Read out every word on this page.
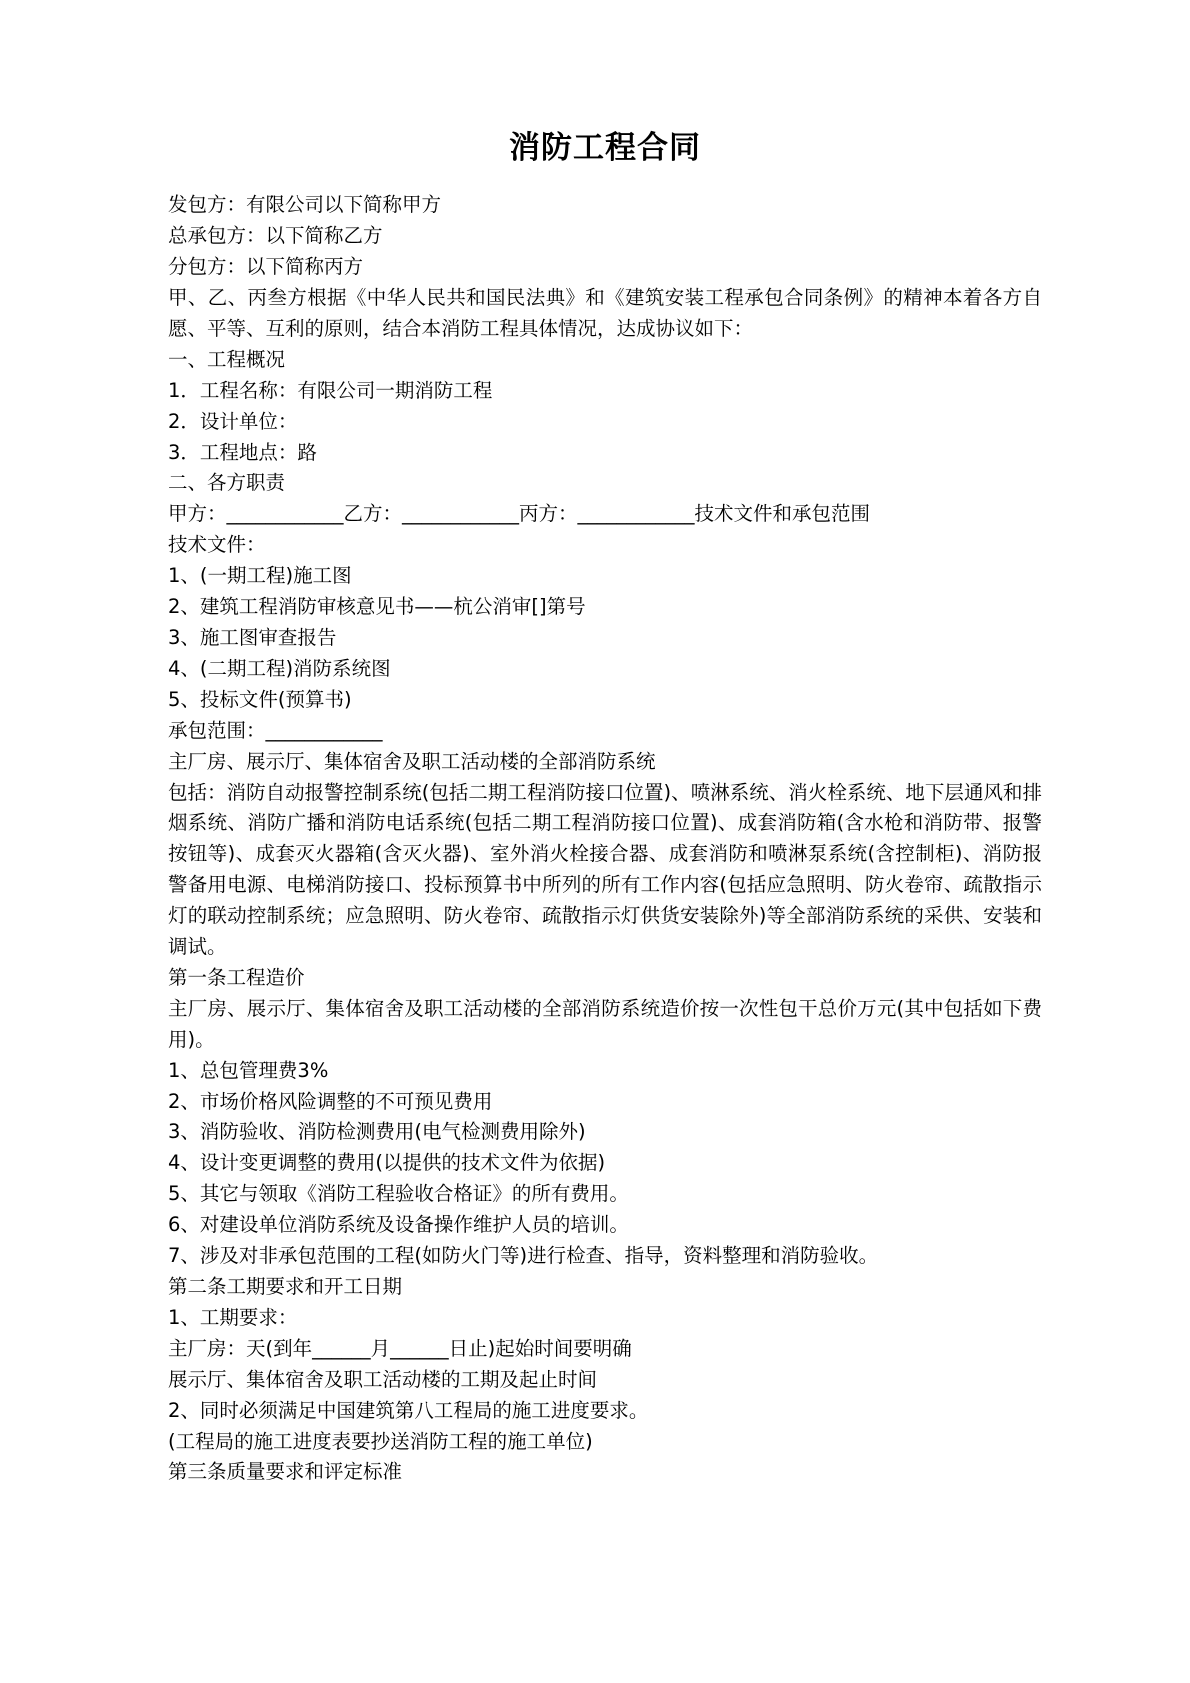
消防工程合同

发包方：有限公司以下简称甲方

总承包方：以下简称乙方

分包方：以下简称丙方

甲、乙、丙叁方根据《中华人民共和国民法典》和《建筑安装工程承包合同条例》的精神本着各方自愿、平等、互利的原则，结合本消防工程具体情况，达成协议如下：

一、工程概况

1．工程名称：有限公司一期消防工程

2．设计单位：

3．工程地点：路

二、各方职责

甲方：____________乙方：____________丙方：____________技术文件和承包范围

技术文件：

1、(一期工程)施工图

2、建筑工程消防审核意见书——杭公消审[]第号

3、施工图审查报告

4、(二期工程)消防系统图

5、投标文件(预算书)

承包范围：____________

主厂房、展示厅、集体宿舍及职工活动楼的全部消防系统

包括：消防自动报警控制系统(包括二期工程消防接口位置)、喷淋系统、消火栓系统、地下层通风和排烟系统、消防广播和消防电话系统(包括二期工程消防接口位置)、成套消防箱(含水枪和消防带、报警按钮等)、成套灭火器箱(含灭火器)、室外消火栓接合器、成套消防和喷淋泵系统(含控制柜)、消防报警备用电源、电梯消防接口、投标预算书中所列的所有工作内容(包括应急照明、防火卷帘、疏散指示灯的联动控制系统；应急照明、防火卷帘、疏散指示灯供货安装除外)等全部消防系统的采供、安装和调试。

第一条工程造价

主厂房、展示厅、集体宿舍及职工活动楼的全部消防系统造价按一次性包干总价万元(其中包括如下费用)。

1、总包管理费3%

2、市场价格风险调整的不可预见费用

3、消防验收、消防检测费用(电气检测费用除外)

4、设计变更调整的费用(以提供的技术文件为依据)

5、其它与领取《消防工程验收合格证》的所有费用。

6、对建设单位消防系统及设备操作维护人员的培训。

7、涉及对非承包范围的工程(如防火门等)进行检查、指导，资料整理和消防验收。

第二条工期要求和开工日期

1、工期要求：

主厂房：天(到年______月______日止)起始时间要明确

展示厅、集体宿舍及职工活动楼的工期及起止时间

2、同时必须满足中国建筑第八工程局的施工进度要求。

(工程局的施工进度表要抄送消防工程的施工单位)

第三条质量要求和评定标准
